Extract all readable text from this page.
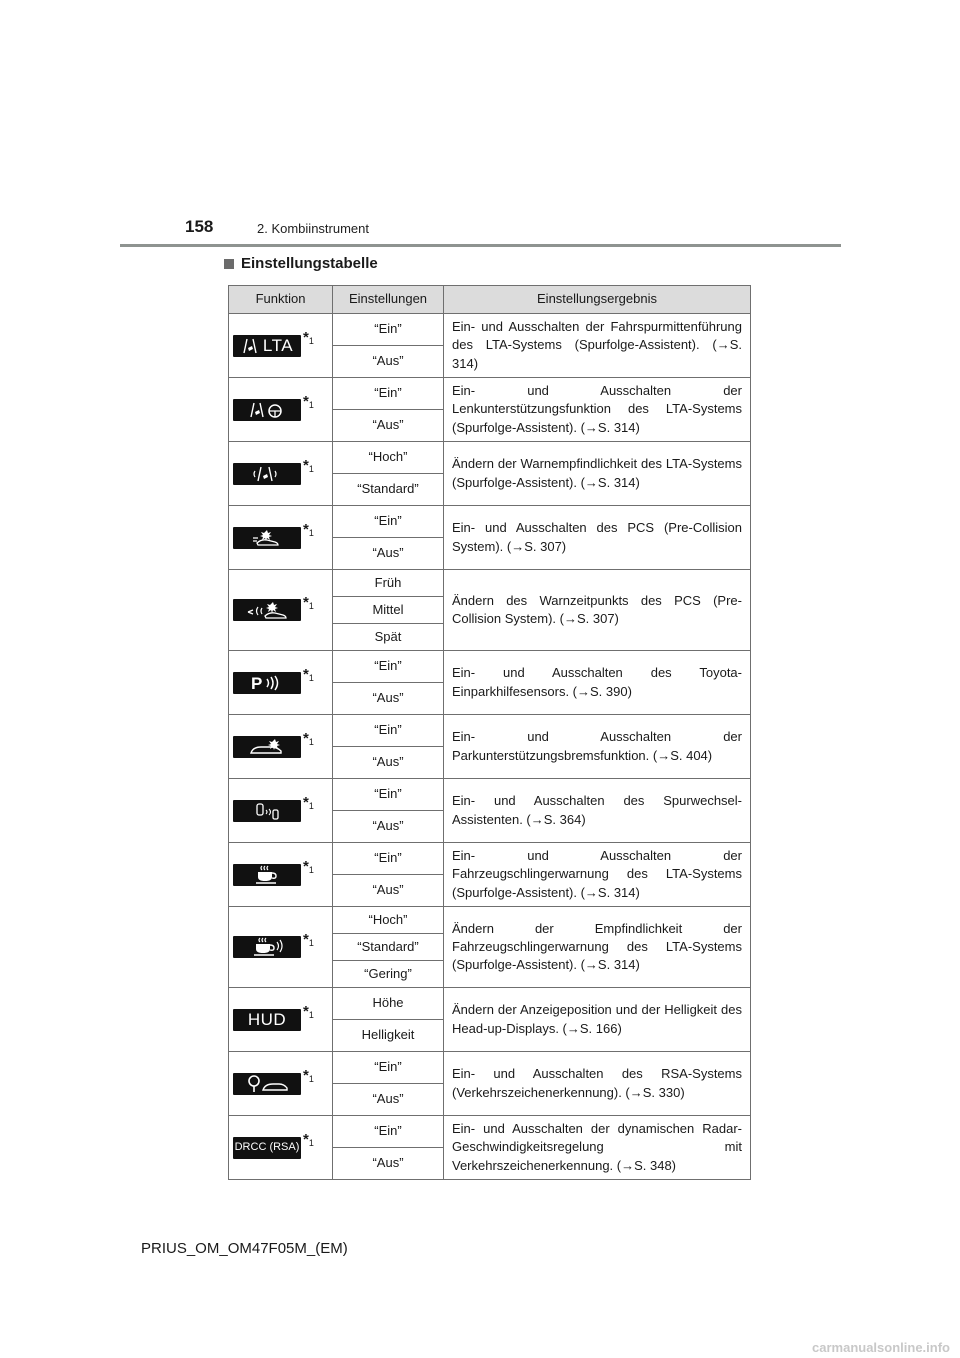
158	2. Kombiinstrument
Einstellungstabelle
Funktion	Einstellungen	Einstellungsergebnis

LTA *1	“Ein”	Ein- und Ausschalten der Fahrspurmittenführung des LTA-Systems (Spurfolge-Assistent). (→S. 314)
	“Aus”	

*1	“Ein”	Ein- und Ausschalten der Lenkunterstützungsfunktion des LTA-Systems (Spurfolge-Assistent). (→S. 314)
	“Aus”	

*1	“Hoch”	Ändern der Warnempfindlichkeit des LTA-Systems (Spurfolge-Assistent). (→S. 314)
	“Standard”	

*1	“Ein”	Ein- und Ausschalten des PCS (Pre-Collision System). (→S. 307)
	“Aus”	

*1	Früh	Ändern des Warnzeitpunkts des PCS (Pre-Collision System). (→S. 307)
	Mittel	
	Spät	

P *1	“Ein”	Ein- und Ausschalten des Toyota-Einparkhilfesensors. (→S. 390)
	“Aus”	

*1	“Ein”	Ein- und Ausschalten der Parkunterstützungsbremsfunktion. (→S. 404)
	“Aus”	

*1	“Ein”	Ein- und Ausschalten des Spurwechsel-Assistenten. (→S. 364)
	“Aus”	

*1	“Ein”	Ein- und Ausschalten der Fahrzeugschlingerwarnung des LTA-Systems (Spurfolge-Assistent). (→S. 314)
	“Aus”	

*1	“Hoch”	Ändern der Empfindlichkeit der Fahrzeugschlingerwarnung des LTA-Systems (Spurfolge-Assistent). (→S. 314)
	“Standard”	
	“Gering”	

HUD *1	Höhe	Ändern der Anzeigeposition und der Helligkeit des Head-up-Displays. (→S. 166)
	Helligkeit	

*1	“Ein”	Ein- und Ausschalten des RSA-Systems (Verkehrszeichenerkennung). (→S. 330)
	“Aus”	

DRCC (RSA) *1	“Ein”	Ein- und Ausschalten der dynamischen Radar-Geschwindigkeitsregelung mit Verkehrszeichenerkennung. (→S. 348)
	“Aus”	
PRIUS_OM_OM47F05M_(EM)
carmanualsonline.info
